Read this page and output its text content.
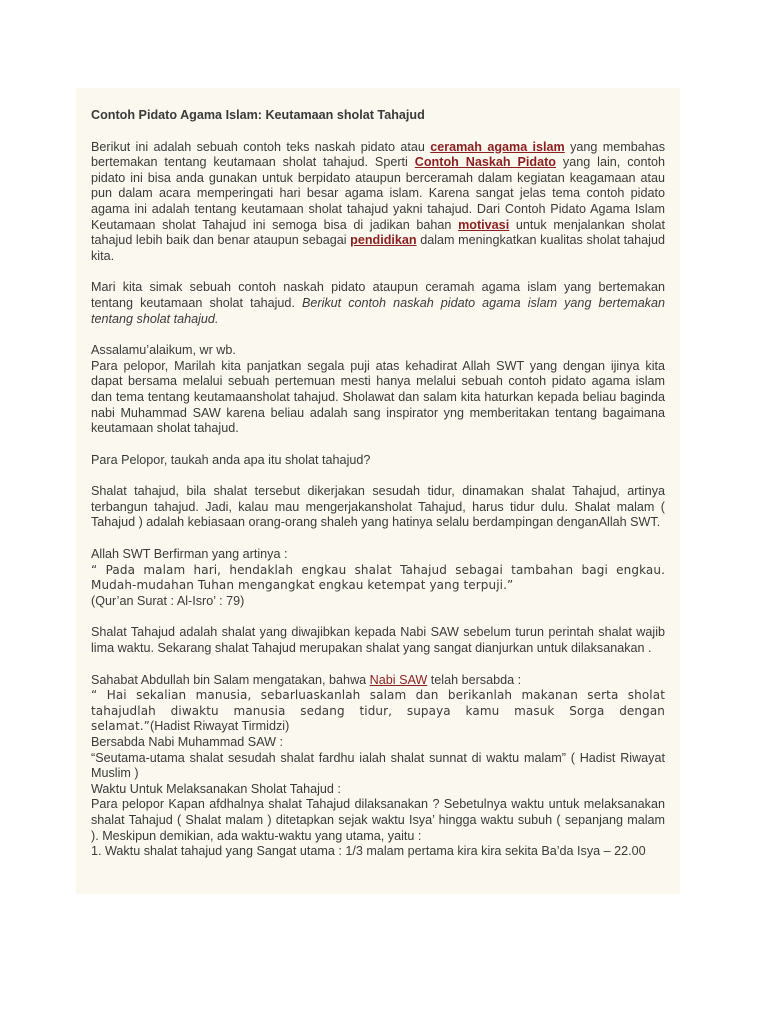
Contoh Pidato Agama Islam: Keutamaan sholat Tahajud

Berikut ini adalah sebuah contoh teks naskah pidato atau ceramah agama islam yang membahas bertemakan tentang keutamaan sholat tahajud. Sperti Contoh Naskah Pidato yang lain, contoh pidato ini bisa anda gunakan untuk berpidato ataupun berceramah dalam kegiatan keagamaan atau pun dalam acara memperingati hari besar agama islam. Karena sangat jelas tema contoh pidato agama ini adalah tentang keutamaan sholat tahajud yakni tahajud. Dari Contoh Pidato Agama Islam Keutamaan sholat Tahajud ini semoga bisa di jadikan bahan motivasi untuk menjalankan sholat tahajud lebih baik dan benar ataupun sebagai pendidikan dalam meningkatkan kualitas sholat tahajud kita.

Mari kita simak sebuah contoh naskah pidato ataupun ceramah agama islam yang bertemakan tentang keutamaan sholat tahajud. Berikut contoh naskah pidato agama islam yang bertemakan tentang sholat tahajud.

Assalamu’alaikum, wr wb.
Para pelopor, Marilah kita panjatkan segala puji atas kehadirat Allah SWT yang dengan ijinya kita dapat bersama melalui sebuah pertemuan mesti hanya melalui sebuah contoh pidato agama islam dan tema tentang keutamaansholat tahajud. Sholawat dan salam kita haturkan kepada beliau baginda nabi Muhammad SAW karena beliau adalah sang inspirator yng memberitakan tentang bagaimana keutamaan sholat tahajud.

Para Pelopor, taukah anda apa itu sholat tahajud?

Shalat tahajud, bila shalat tersebut dikerjakan sesudah tidur, dinamakan shalat Tahajud, artinya terbangun tahajud. Jadi, kalau mau mengerjakansholat Tahajud, harus tidur dulu. Shalat malam ( Tahajud ) adalah kebiasaan orang-orang shaleh yang hatinya selalu berdampingan denganAllah SWT.

Allah SWT Berfirman yang artinya :
“ Pada malam hari, hendaklah engkau shalat Tahajud sebagai tambahan bagi engkau. Mudah-mudahan Tuhan mengangkat engkau ketempat yang terpuji.”
(Qur’an Surat : Al-Isro’ : 79)

Shalat Tahajud adalah shalat yang diwajibkan kepada Nabi SAW sebelum turun perintah shalat wajib lima waktu. Sekarang shalat Tahajud merupakan shalat yang sangat dianjurkan untuk dilaksanakan .

Sahabat Abdullah bin Salam mengatakan, bahwa Nabi SAW telah bersabda :
“ Hai sekalian manusia, sebarluaskanlah salam dan berikanlah makanan serta sholat tahajudlah diwaktu manusia sedang tidur, supaya kamu masuk Sorga dengan selamat.”(Hadist Riwayat Tirmidzi)
Bersabda Nabi Muhammad SAW :
“Seutama-utama shalat sesudah shalat fardhu ialah shalat sunnat di waktu malam” ( Hadist Riwayat Muslim )
Waktu Untuk Melaksanakan Sholat Tahajud :
Para pelopor Kapan afdhalnya shalat Tahajud dilaksanakan ? Sebetulnya waktu untuk melaksanakan shalat Tahajud ( Shalat malam ) ditetapkan sejak waktu Isya’ hingga waktu subuh ( sepanjang malam ). Meskipun demikian, ada waktu-waktu yang utama, yaitu :
1. Waktu shalat tahajud yang Sangat utama : 1/3 malam pertama kira kira sekita Ba’da Isya – 22.00
